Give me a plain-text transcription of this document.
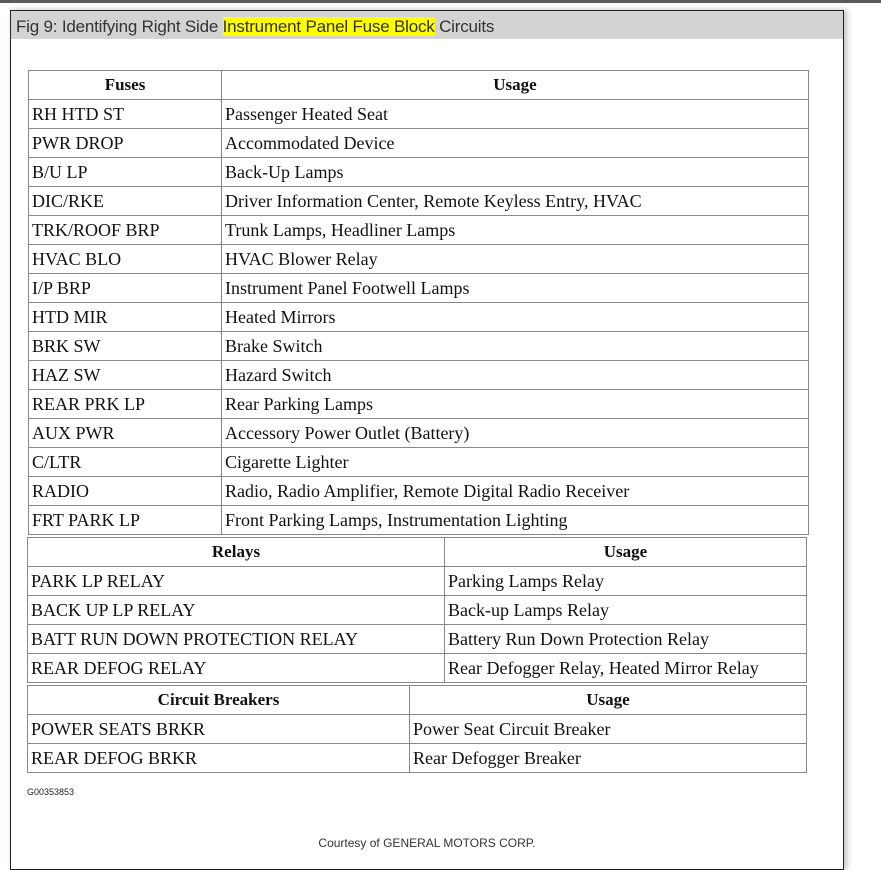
Fig 9: Identifying Right Side Instrument Panel Fuse Block Circuits
Fuses	Usage
RH HTD ST	Passenger Heated Seat
PWR DROP	Accommodated Device
B/U LP	Back-Up Lamps
DIC/RKE	Driver Information Center, Remote Keyless Entry, HVAC
TRK/ROOF BRP	Trunk Lamps, Headliner Lamps
HVAC BLO	HVAC Blower Relay
I/P BRP	Instrument Panel Footwell Lamps
HTD MIR	Heated Mirrors
BRK SW	Brake Switch
HAZ SW	Hazard Switch
REAR PRK LP	Rear Parking Lamps
AUX PWR	Accessory Power Outlet (Battery)
C/LTR	Cigarette Lighter
RADIO	Radio, Radio Amplifier, Remote Digital Radio Receiver
FRT PARK LP	Front Parking Lamps, Instrumentation Lighting
Relays	Usage
PARK LP RELAY	Parking Lamps Relay
BACK UP LP RELAY	Back-up Lamps Relay
BATT RUN DOWN PROTECTION RELAY	Battery Run Down Protection Relay
REAR DEFOG RELAY	Rear Defogger Relay, Heated Mirror Relay
Circuit Breakers	Usage
POWER SEATS BRKR	Power Seat Circuit Breaker
REAR DEFOG BRKR	Rear Defogger Breaker
G00353853
Courtesy of GENERAL MOTORS CORP.
